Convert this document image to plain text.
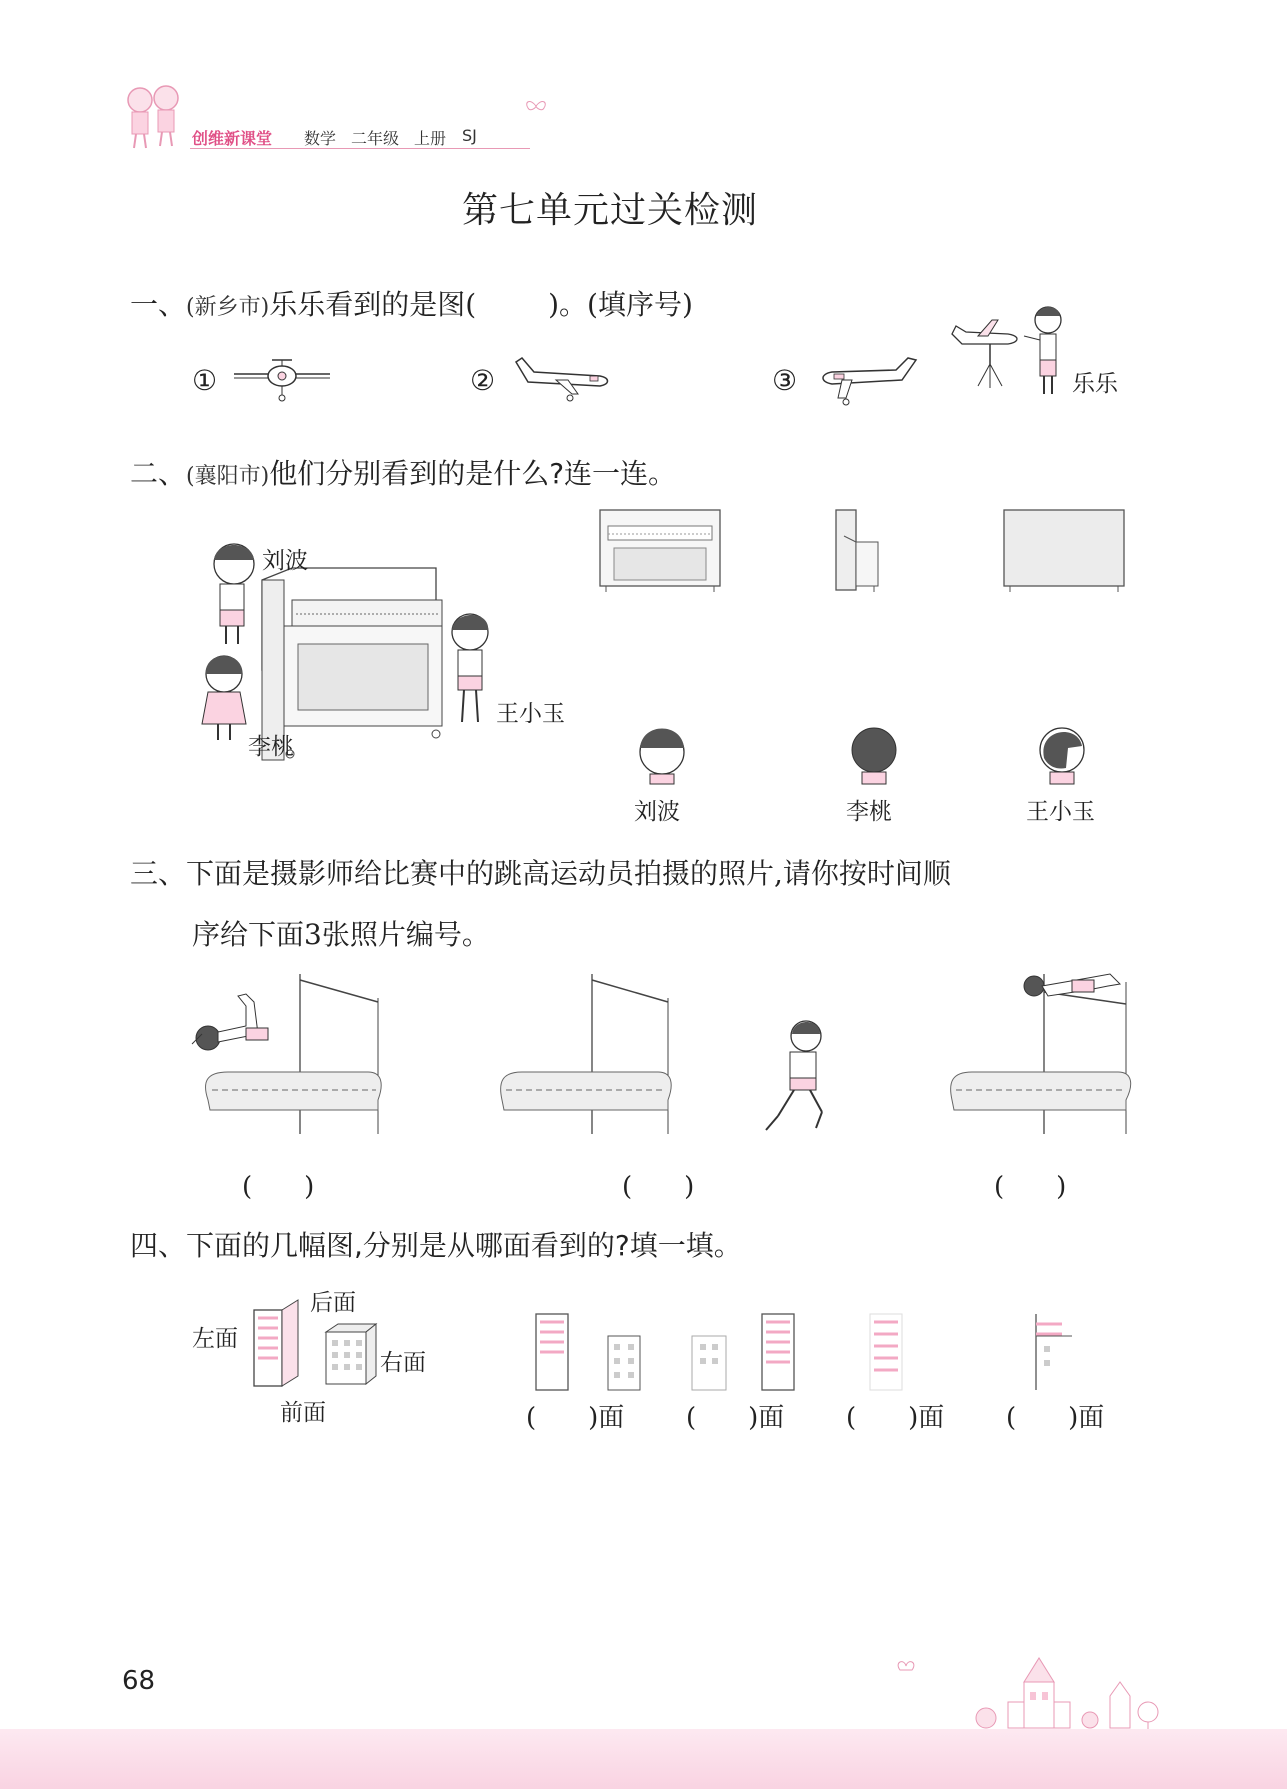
创维新课堂 数学 二年级 上册 SJ
第七单元过关检测
一、(新乡市)乐乐看到的是图(	)。(填序号)
①	②	③	乐乐
二、(襄阳市)他们分别看到的是什么?连一连。
刘波
李桃
王小玉
刘波	李桃	王小玉
三、下面是摄影师给比赛中的跳高运动员拍摄的照片,请你按时间顺
序给下面3张照片编号。
(　　)	(　　)	(　　)
四、下面的几幅图,分别是从哪面看到的?填一填。
左面
后面
右面
前面	(　　)面 (　　)面 (　　)面 (　　)面
68
